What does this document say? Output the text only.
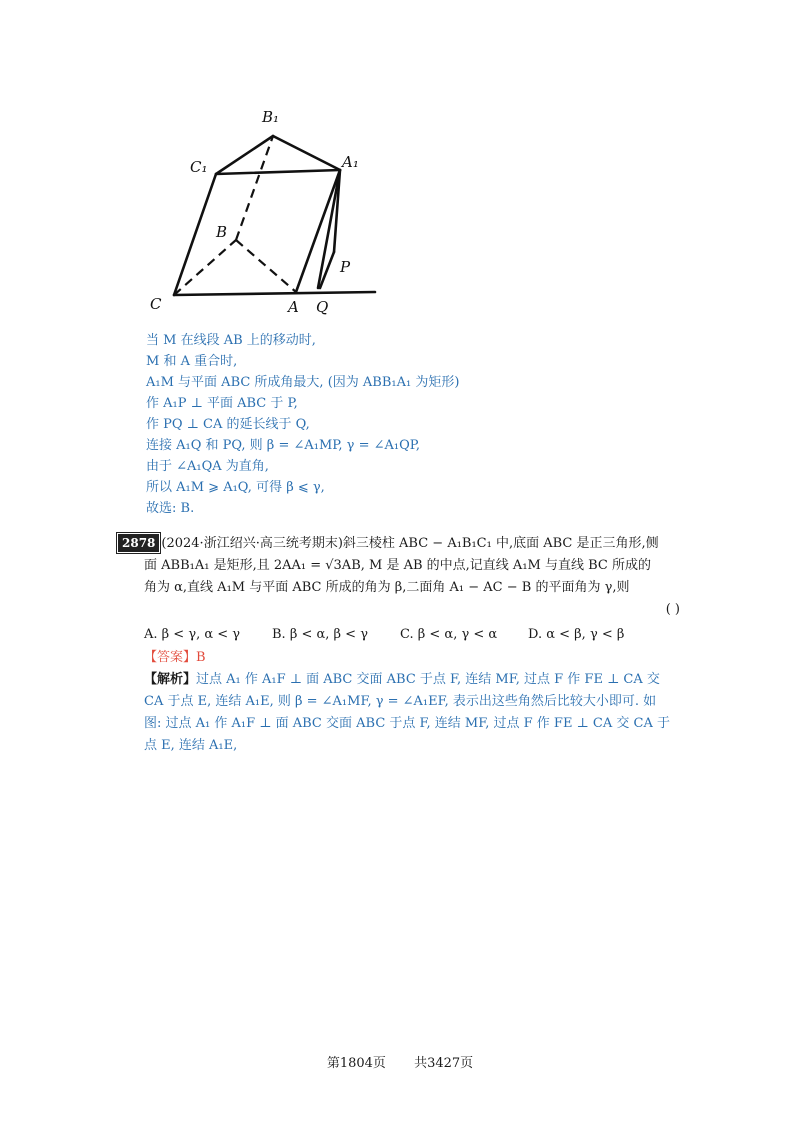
B₁
C₁	A₁
B
P
C	A Q
当 M 在线段 AB 上的移动时,
M 和 A 重合时,
A₁M 与平面 ABC 所成角最大, (因为 ABB₁A₁ 为矩形)
作 A₁P ⊥ 平面 ABC 于 P,
作 PQ ⊥ CA 的延长线于 Q,
连接 A₁Q 和 PQ, 则 β = ∠A₁MP, γ = ∠A₁QP,
由于 ∠A₁QA 为直角,
所以 A₁M ⩾ A₁Q, 可得 β ⩽ γ,
故选: B.
2878 (2024·浙江绍兴·高三统考期末)斜三棱柱 ABC − A₁B₁C₁ 中,底面 ABC 是正三角形,侧
面 ABB₁A₁ 是矩形,且 2AA₁ = √3AB, M 是 AB 的中点,记直线 A₁M 与直线 BC 所成的
角为 α,直线 A₁M 与平面 ABC 所成的角为 β,二面角 A₁ − AC − B 的平面角为 γ,则
( )
A. β < γ, α < γ	B. β < α, β < γ	C. β < α, γ < α	D. α < β, γ < β
【答案】B
【解析】过点 A₁ 作 A₁F ⊥ 面 ABC 交面 ABC 于点 F, 连结 MF, 过点 F 作 FE ⊥ CA 交
CA 于点 E, 连结 A₁E, 则 β = ∠A₁MF, γ = ∠A₁EF, 表示出这些角然后比较大小即可. 如
图: 过点 A₁ 作 A₁F ⊥ 面 ABC 交面 ABC 于点 F, 连结 MF, 过点 F 作 FE ⊥ CA 交 CA 于
点 E, 连结 A₁E,
第1804页 共3427页
